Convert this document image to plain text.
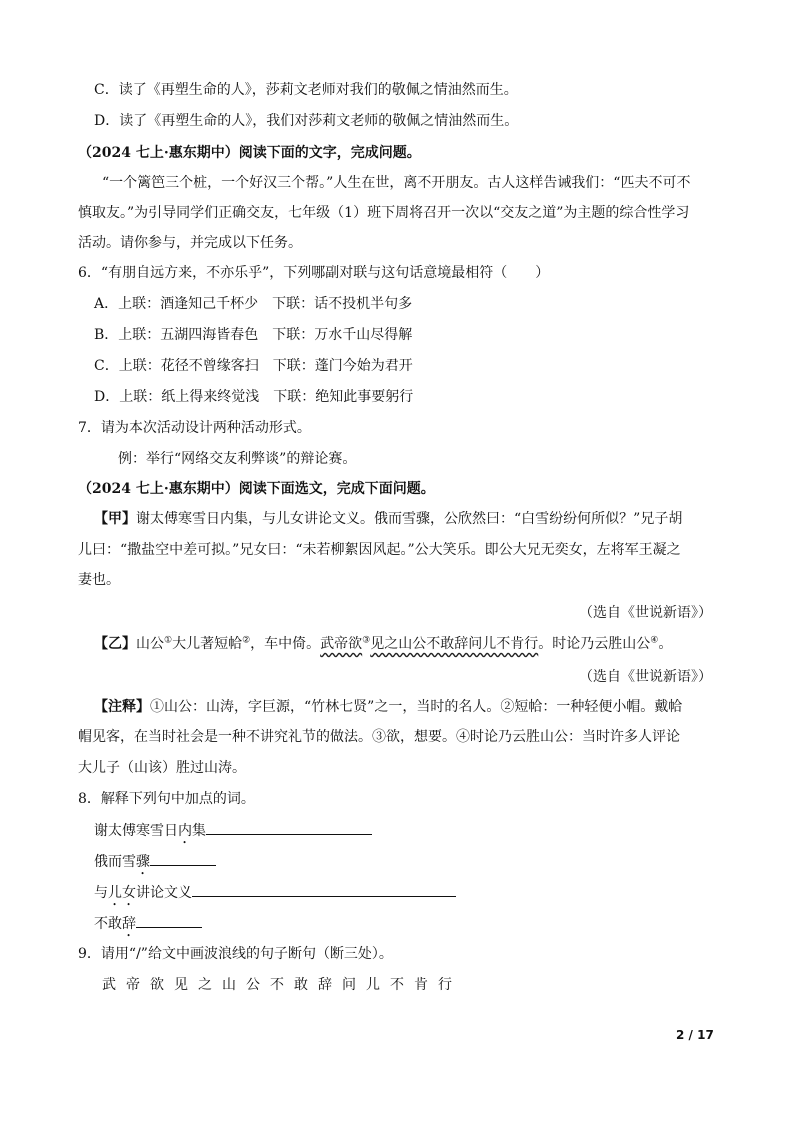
C．读了《再塑生命的人》，莎莉文老师对我们的敬佩之情油然而生。
D．读了《再塑生命的人》，我们对莎莉文老师的敬佩之情油然而生。
（2024 七上·惠东期中）阅读下面的文字，完成问题。
“一个篱笆三个桩，一个好汉三个帮。”人生在世，离不开朋友。古人这样告诫我们：“匹夫不可不
慎取友。”为引导同学们正确交友，七年级（1）班下周将召开一次以“交友之道”为主题的综合性学习
活动。请你参与，并完成以下任务。
6．“有朋自远方来，不亦乐乎”，下列哪副对联与这句话意境最相符（　　）
A．上联：酒逢知己千杯少　下联：话不投机半句多
B．上联：五湖四海皆春色　下联：万水千山尽得解
C．上联：花径不曾缘客扫　下联：蓬门今始为君开
D．上联：纸上得来终觉浅　下联：绝知此事要躬行
7．请为本次活动设计两种活动形式。
例：举行“网络交友利弊谈”的辩论赛。
（2024 七上·惠东期中）阅读下面选文，完成下面问题。
【甲】谢太傅寒雪日内集，与儿女讲论文义。俄而雪骤，公欣然曰：“白雪纷纷何所似？”兄子胡
儿曰：“撒盐空中差可拟。”兄女曰：“未若柳絮因风起。”公大笑乐。即公大兄无奕女，左将军王凝之
妻也。
（选自《世说新语》）
【乙】山公①大儿著短帢②，车中倚。武帝欲③见之山公不敢辞问儿不肯行。时论乃云胜山公④。
（选自《世说新语》）
【注释】①山公：山涛，字巨源，“竹林七贤”之一，当时的名人。②短帢：一种轻便小帽。戴帢
帽见客，在当时社会是一种不讲究礼节的做法。③欲，想要。④时论乃云胜山公：当时许多人评论
大儿子（山该）胜过山涛。
8．解释下列句中加点的词。
谢太傅寒雪日内集
俄而雪骤
与儿女讲论文义
不敢辞
9．请用“/”给文中画波浪线的句子断句（断三处）。
武帝欲见之山公不敢辞问儿不肯行
2 / 17
